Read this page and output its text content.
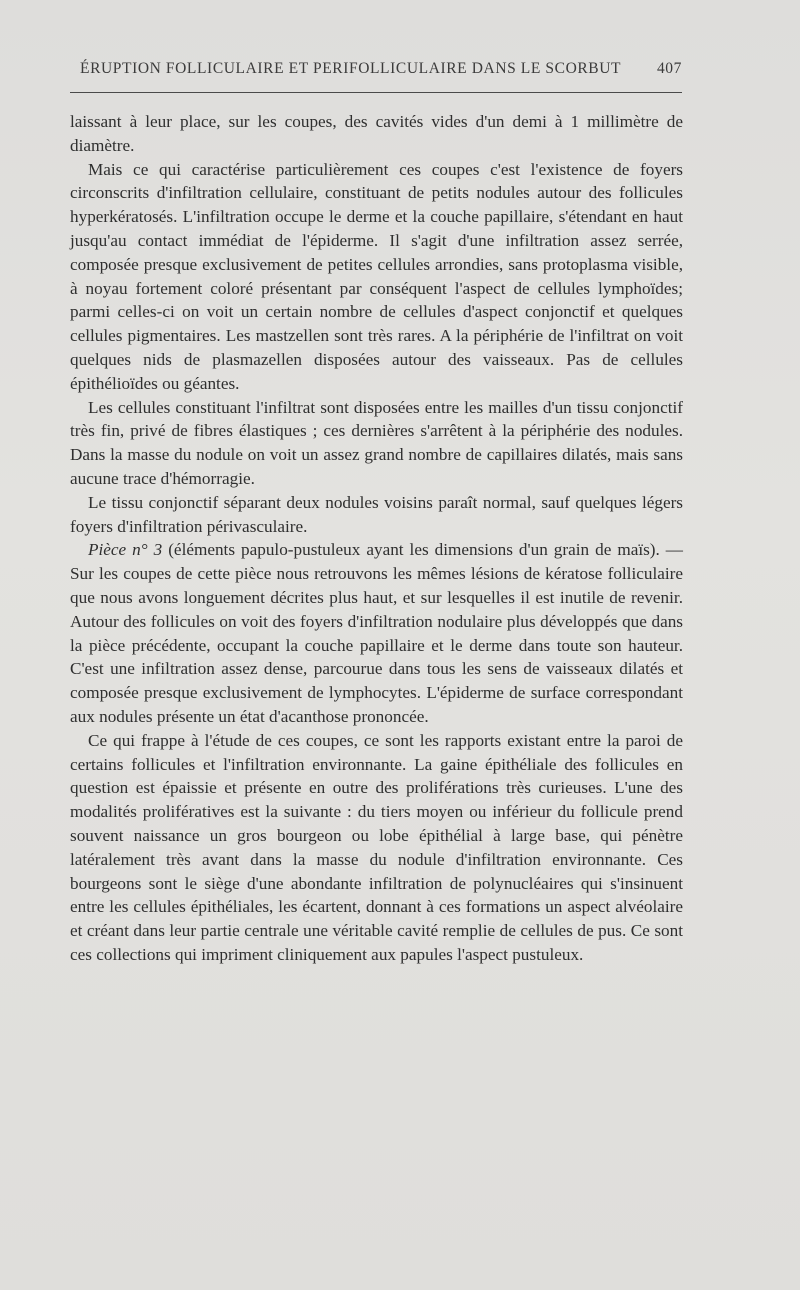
ÉRUPTION FOLLICULAIRE ET PERIFOLLICULAIRE DANS LE SCORBUT 407

laissant à leur place, sur les coupes, des cavités vides d'un demi à 1 millimètre de diamètre.

Mais ce qui caractérise particulièrement ces coupes c'est l'existence de foyers circonscrits d'infiltration cellulaire, constituant de petits nodules autour des follicules hyperkératosés. L'infiltration occupe le derme et la couche papillaire, s'étendant en haut jusqu'au contact immédiat de l'épiderme. Il s'agit d'une infiltration assez serrée, composée presque exclusivement de petites cellules arrondies, sans protoplasma visible, à noyau fortement coloré présentant par conséquent l'aspect de cellules lymphoïdes; parmi celles-ci on voit un certain nombre de cellules d'aspect conjonctif et quelques cellules pigmentaires. Les mastzellen sont très rares. A la périphérie de l'infiltrat on voit quelques nids de plasmazellen disposées autour des vaisseaux. Pas de cellules épithélioïdes ou géantes.

Les cellules constituant l'infiltrat sont disposées entre les mailles d'un tissu conjonctif très fin, privé de fibres élastiques ; ces dernières s'arrêtent à la périphérie des nodules. Dans la masse du nodule on voit un assez grand nombre de capillaires dilatés, mais sans aucune trace d'hémorragie.

Le tissu conjonctif séparant deux nodules voisins paraît normal, sauf quelques légers foyers d'infiltration périvasculaire.

Pièce n° 3 (éléments papulo-pustuleux ayant les dimensions d'un grain de maïs). — Sur les coupes de cette pièce nous retrouvons les mêmes lésions de kératose folliculaire que nous avons longuement décrites plus haut, et sur lesquelles il est inutile de revenir. Autour des follicules on voit des foyers d'infiltration nodulaire plus développés que dans la pièce précédente, occupant la couche papillaire et le derme dans toute son hauteur. C'est une infiltration assez dense, parcourue dans tous les sens de vaisseaux dilatés et composée presque exclusivement de lymphocytes. L'épiderme de surface correspondant aux nodules présente un état d'acanthose prononcée.

Ce qui frappe à l'étude de ces coupes, ce sont les rapports existant entre la paroi de certains follicules et l'infiltration environnante. La gaine épithéliale des follicules en question est épaissie et présente en outre des proliférations très curieuses. L'une des modalités prolifératives est la suivante : du tiers moyen ou inférieur du follicule prend souvent naissance un gros bourgeon ou lobe épithélial à large base, qui pénètre latéralement très avant dans la masse du nodule d'infiltration environnante. Ces bourgeons sont le siège d'une abondante infiltration de polynucléaires qui s'insinuent entre les cellules épithéliales, les écartent, donnant à ces formations un aspect alvéolaire et créant dans leur partie centrale une véritable cavité remplie de cellules de pus. Ce sont ces collections qui impriment cliniquement aux papules l'aspect pustuleux.
